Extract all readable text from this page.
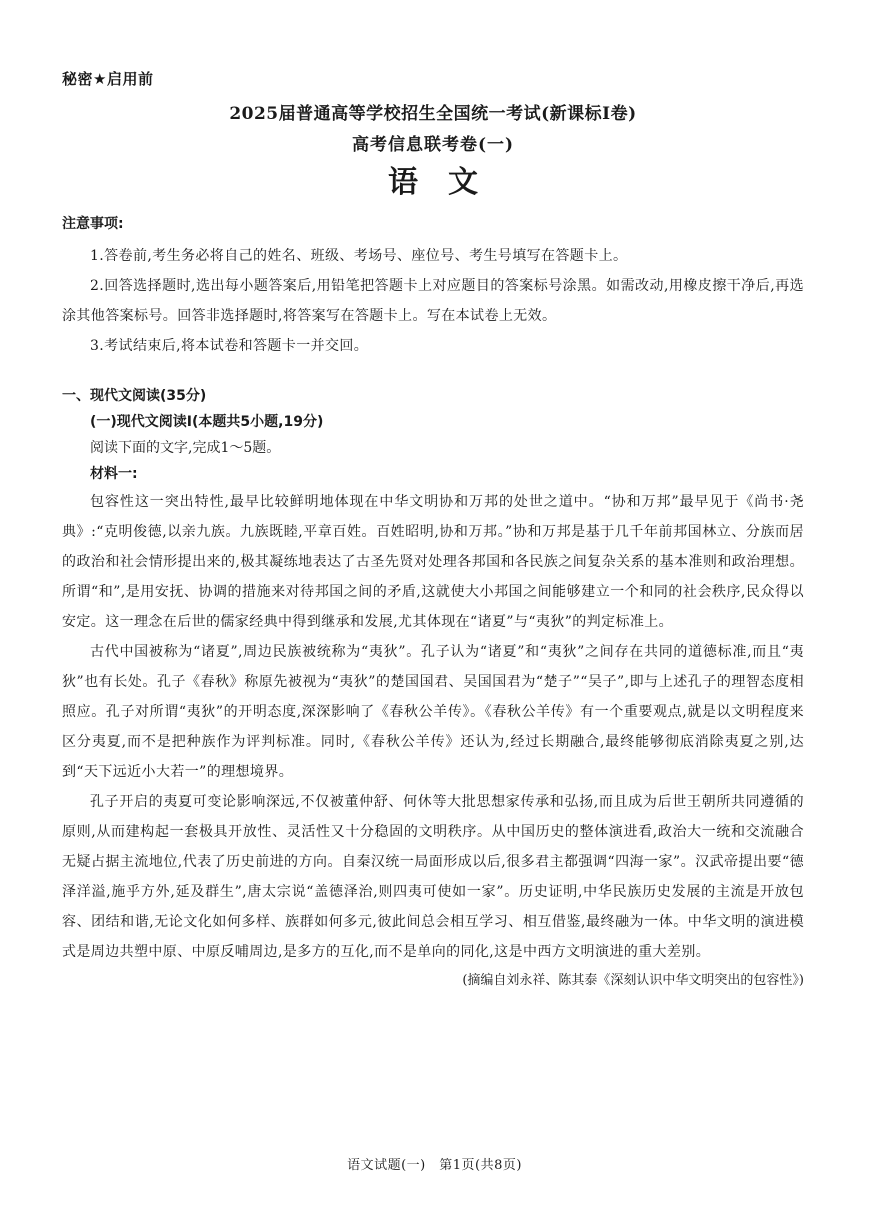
秘密★启用前

2025届普通高等学校招生全国统一考试(新课标Ⅰ卷)

高考信息联考卷(一)

语文

注意事项:

1.答卷前,考生务必将自己的姓名、班级、考场号、座位号、考生号填写在答题卡上。

2.回答选择题时,选出每小题答案后,用铅笔把答题卡上对应题目的答案标号涂黑。如需改动,用橡皮擦干净后,再选涂其他答案标号。回答非选择题时,将答案写在答题卡上。写在本试卷上无效。

3.考试结束后,将本试卷和答题卡一并交回。

一、现代文阅读(35分)

(一)现代文阅读Ⅰ(本题共5小题,19分)

阅读下面的文字,完成1～5题。

材料一:

包容性这一突出特性,最早比较鲜明地体现在中华文明协和万邦的处世之道中。“协和万邦”最早见于《尚书·尧典》:“克明俊德,以亲九族。九族既睦,平章百姓。百姓昭明,协和万邦。”协和万邦是基于几千年前邦国林立、分族而居的政治和社会情形提出来的,极其凝练地表达了古圣先贤对处理各邦国和各民族之间复杂关系的基本准则和政治理想。所谓“和”,是用安抚、协调的措施来对待邦国之间的矛盾,这就使大小邦国之间能够建立一个和同的社会秩序,民众得以安定。这一理念在后世的儒家经典中得到继承和发展,尤其体现在“诸夏”与“夷狄”的判定标准上。

古代中国被称为“诸夏”,周边民族被统称为“夷狄”。孔子认为“诸夏”和“夷狄”之间存在共同的道德标准,而且“夷狄”也有长处。孔子《春秋》称原先被视为“夷狄”的楚国国君、吴国国君为“楚子”“吴子”,即与上述孔子的理智态度相照应。孔子对所谓“夷狄”的开明态度,深深影响了《春秋公羊传》。《春秋公羊传》有一个重要观点,就是以文明程度来区分夷夏,而不是把种族作为评判标准。同时,《春秋公羊传》还认为,经过长期融合,最终能够彻底消除夷夏之别,达到“天下远近小大若一”的理想境界。

孔子开启的夷夏可变论影响深远,不仅被董仲舒、何休等大批思想家传承和弘扬,而且成为后世王朝所共同遵循的原则,从而建构起一套极具开放性、灵活性又十分稳固的文明秩序。从中国历史的整体演进看,政治大一统和交流融合无疑占据主流地位,代表了历史前进的方向。自秦汉统一局面形成以后,很多君主都强调“四海一家”。汉武帝提出要“德泽洋溢,施乎方外,延及群生”,唐太宗说“盖德泽治,则四夷可使如一家”。历史证明,中华民族历史发展的主流是开放包容、团结和谐,无论文化如何多样、族群如何多元,彼此间总会相互学习、相互借鉴,最终融为一体。中华文明的演进模式是周边共塑中原、中原反哺周边,是多方的互化,而不是单向的同化,这是中西方文明演进的重大差别。

(摘编自刘永祥、陈其泰《深刻认识中华文明突出的包容性》)

语文试题(一)　第1页(共8页)
